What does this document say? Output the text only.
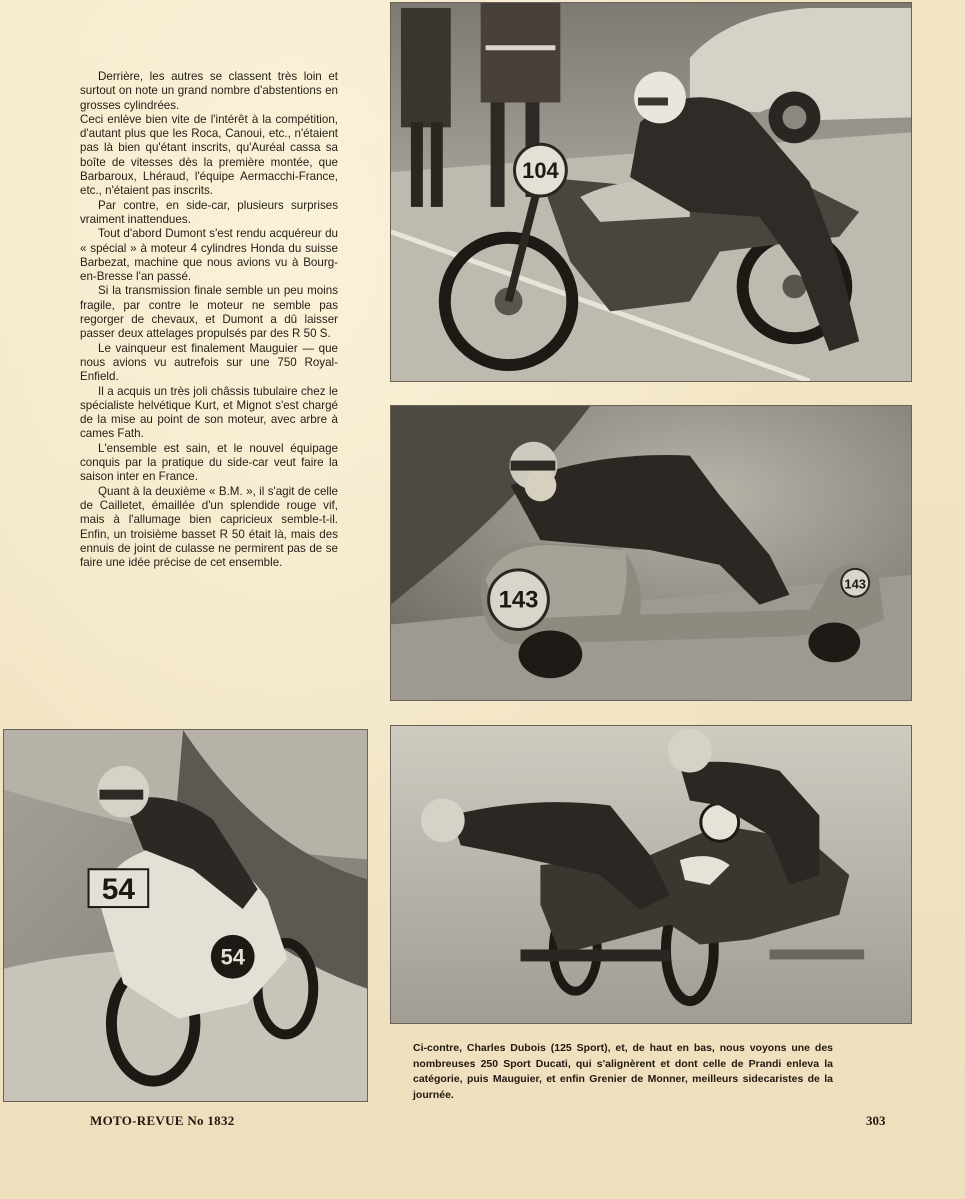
Derrière, les autres se classent très loin et surtout on note un grand nombre d'abstentions en grosses cylindrées.

Ceci enlève bien vite de l'intérêt à la compétition, d'autant plus que les Roca, Canoui, etc., n'étaient pas là bien qu'étant inscrits, qu'Auréal cassa sa boîte de vitesses dès la première montée, que Barbaroux, Lhéraud, l'équipe Aermacchi-France, etc., n'étaient pas inscrits.

Par contre, en side-car, plusieurs surprises vraiment inattendues.

Tout d'abord Dumont s'est rendu acquéreur du « spécial » à moteur 4 cylindres Honda du suisse Barbezat, machine que nous avions vu à Bourg-en-Bresse l'an passé.

Si la transmission finale semble un peu moins fragile, par contre le moteur ne semble pas regorger de chevaux, et Dumont a dû laisser passer deux attelages propulsés par des R 50 S.

Le vainqueur est finalement Mauguier — que nous avions vu autrefois sur une 750 Royal-Enfield.

Il a acquis un très joli châssis tubulaire chez le spécialiste helvétique Kurt, et Mignot s'est chargé de la mise au point de son moteur, avec arbre à cames Fath.

L'ensemble est sain, et le nouvel équipage conquis par la pratique du side-car veut faire la saison inter en France.

Quant à la deuxième « B.M. », il s'agit de celle de Cailletet, émaillée d'un splendide rouge vif, mais à l'allumage bien capricieux semble-t-il. Enfin, un troisième basset R 50 était là, mais des ennuis de joint de culasse ne permirent pas de se faire une idée précise de cet ensemble.

104
143
143
54
54
Ci-contre, Charles Dubois (125 Sport), et, de haut en bas, nous voyons une des nombreuses 250 Sport Ducati, qui s'alignèrent et dont celle de Prandi enleva la catégorie, puis Mauguier, et enfin Grenier de Monner, meilleurs sidecaristes de la journée.
MOTO-REVUE No 1832	303
